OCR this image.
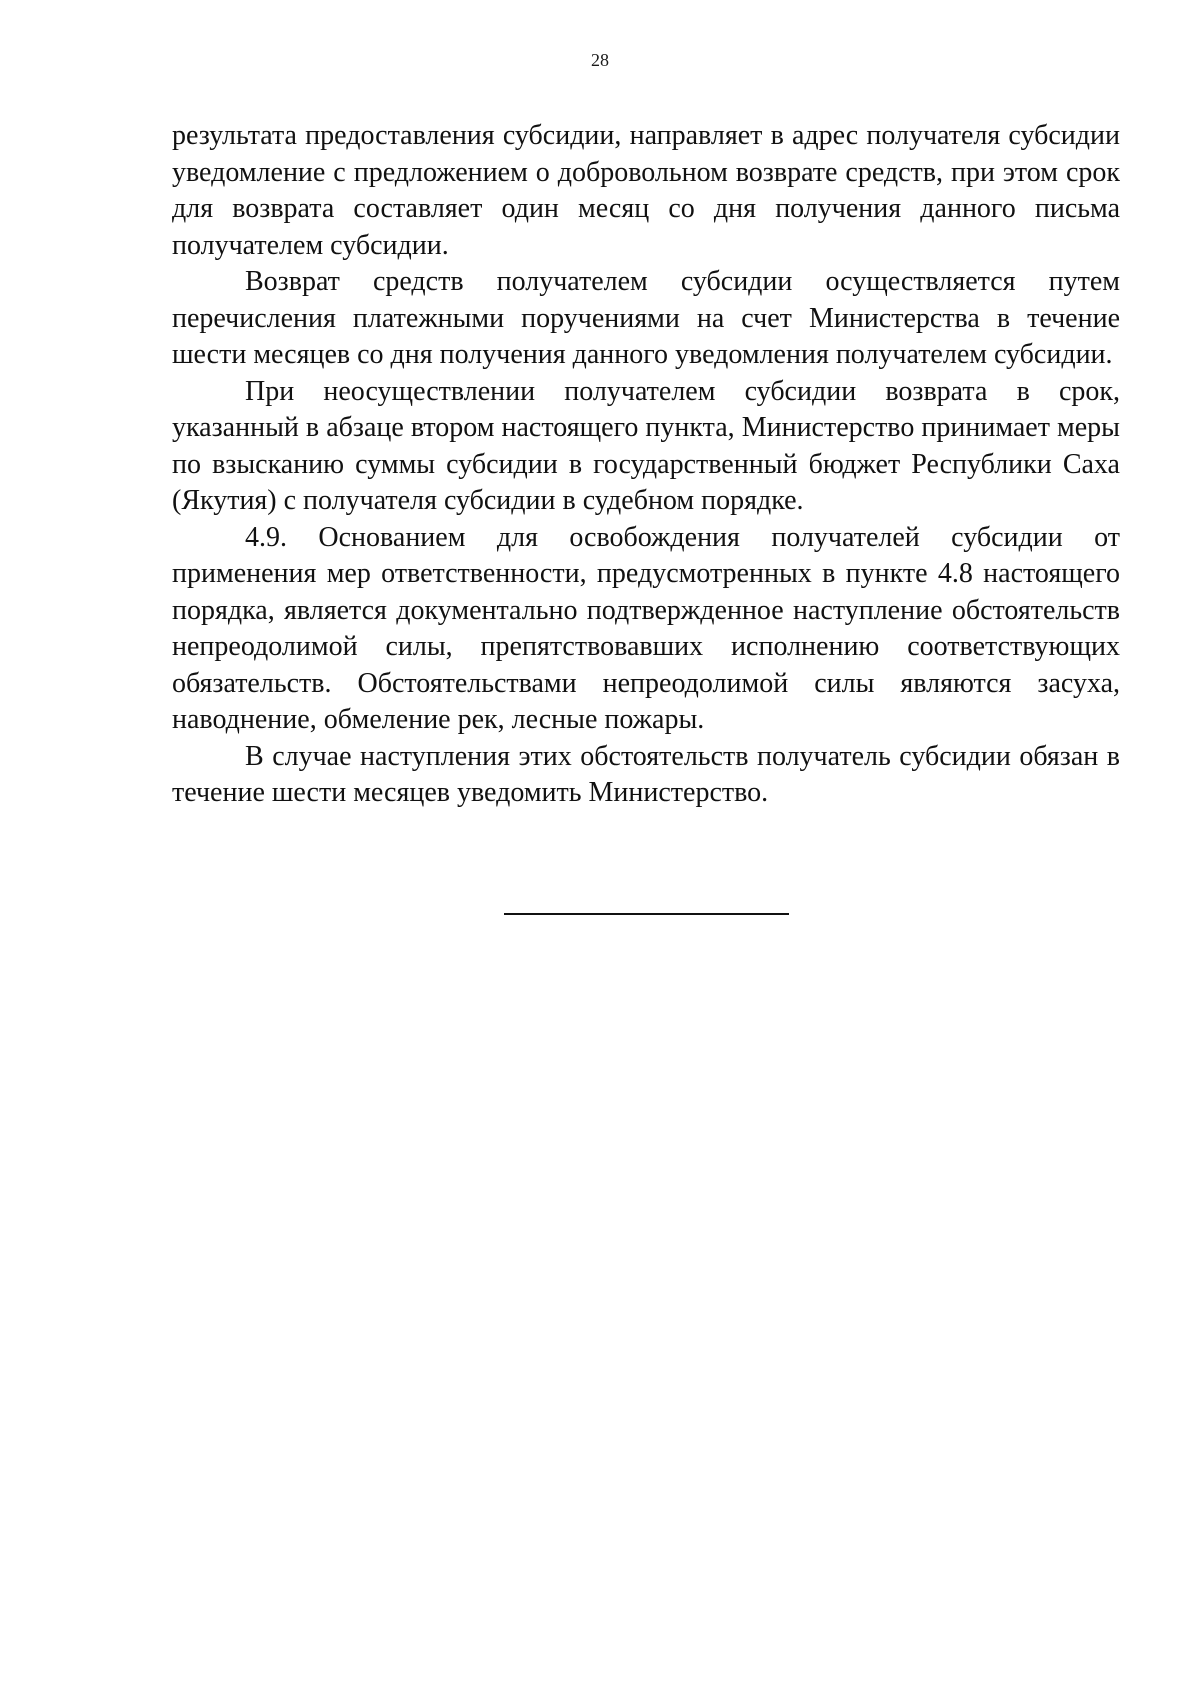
28

результата предоставления субсидии, направляет в адрес получателя субсидии уведомление с предложением о добровольном возврате средств, при этом срок для возврата составляет один месяц со дня получения данного письма получателем субсидии.

Возврат средств получателем субсидии осуществляется путем перечисления платежными поручениями на счет Министерства в течение шести месяцев со дня получения данного уведомления получателем субсидии.

При неосуществлении получателем субсидии возврата в срок, указанный в абзаце втором настоящего пункта, Министерство принимает меры по взысканию суммы субсидии в государственный бюджет Республики Саха (Якутия) с получателя субсидии в судебном порядке.

4.9. Основанием для освобождения получателей субсидии от применения мер ответственности, предусмотренных в пункте 4.8 настоящего порядка, является документально подтвержденное наступление обстоятельств непреодолимой силы, препятствовавших исполнению соответствующих обязательств. Обстоятельствами непреодолимой силы являются засуха, наводнение, обмеление рек, лесные пожары.

В случае наступления этих обстоятельств получатель субсидии обязан в течение шести месяцев уведомить Министерство.
